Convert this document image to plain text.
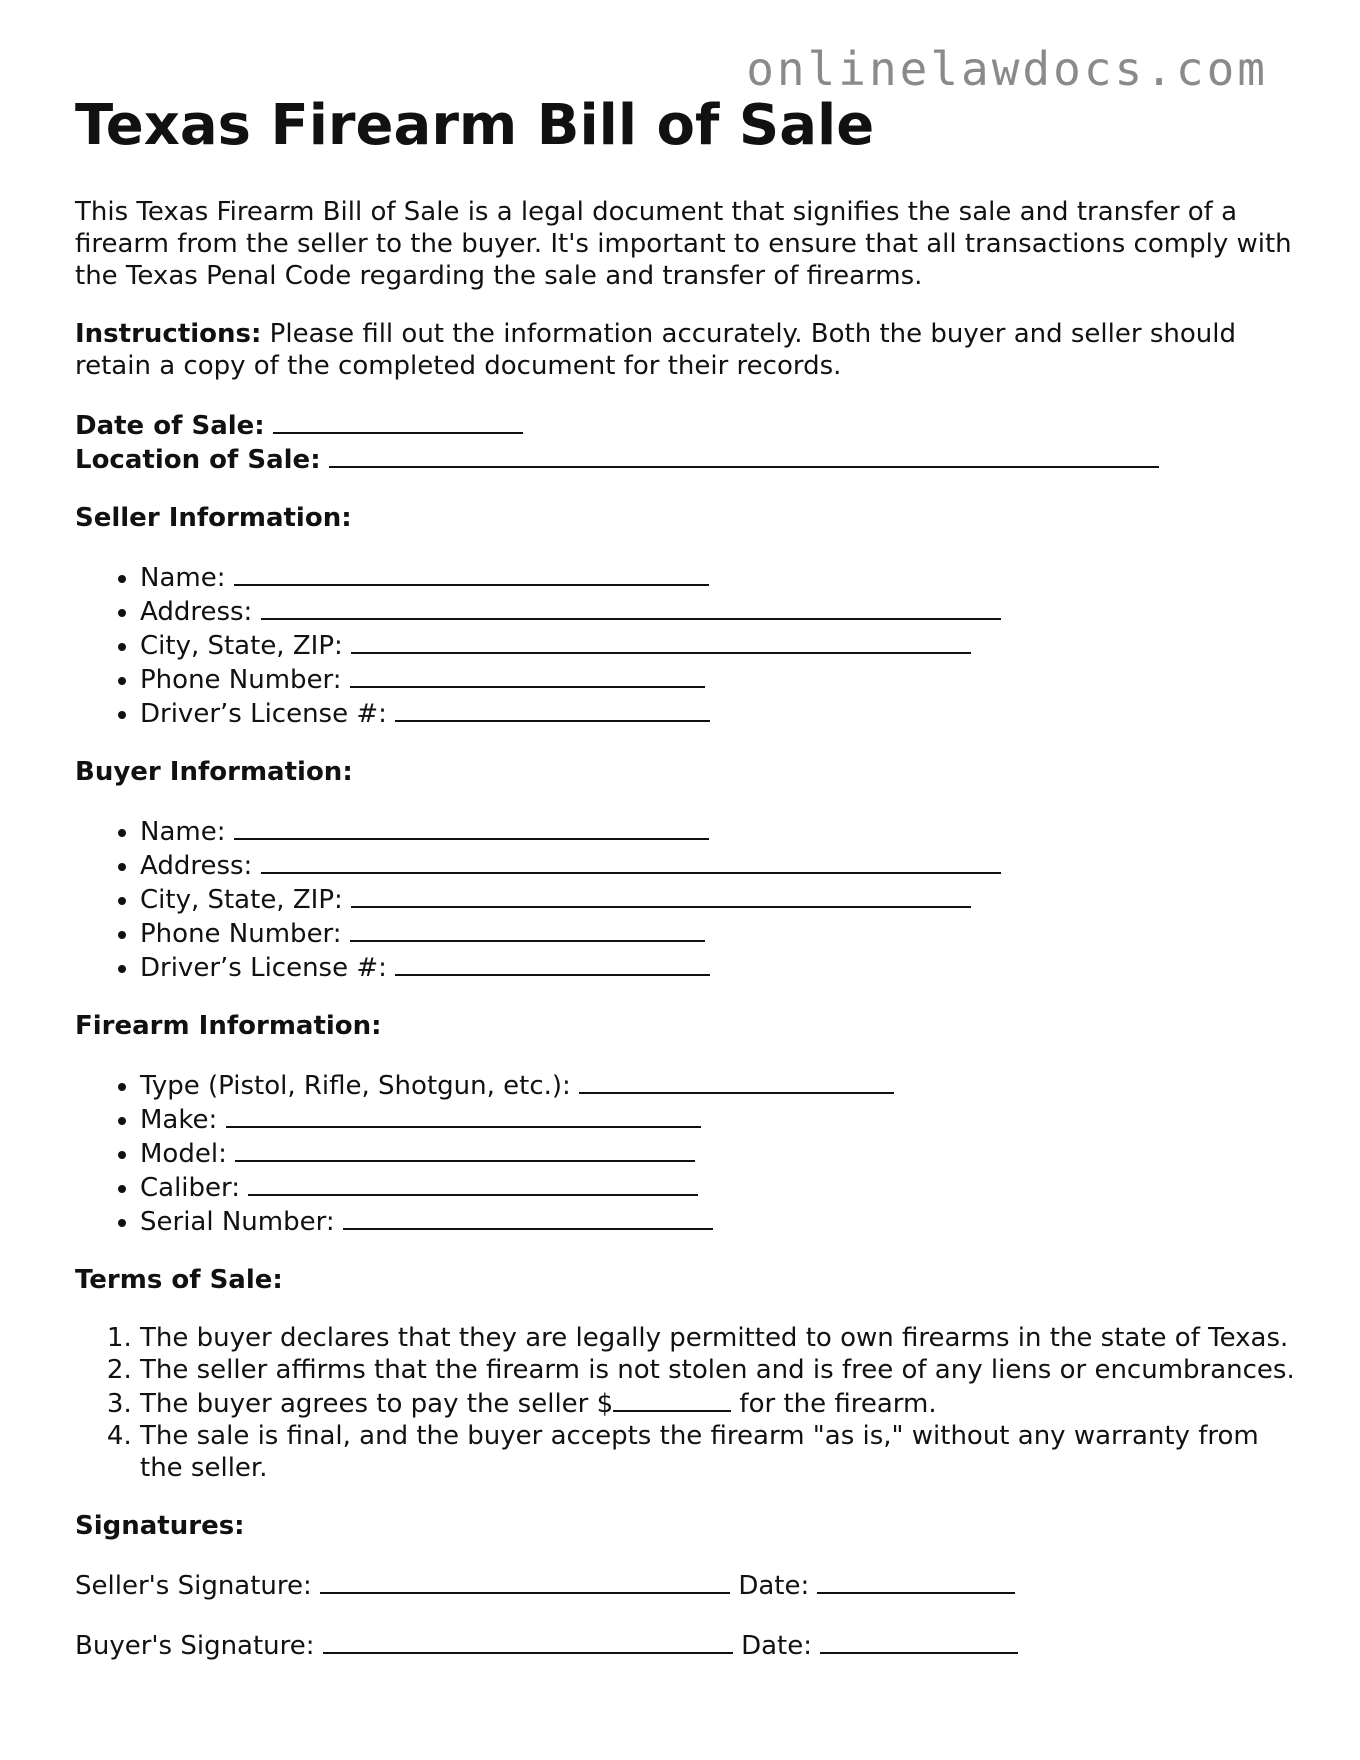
onlinelawdocs.com
Texas Firearm Bill of Sale

This Texas Firearm Bill of Sale is a legal document that signifies the sale and transfer of a firearm from the seller to the buyer. It's important to ensure that all transactions comply with the Texas Penal Code regarding the sale and transfer of firearms.

Instructions: Please fill out the information accurately. Both the buyer and seller should retain a copy of the completed document for their records.

Date of Sale:
Location of Sale:
Seller Information:
• Name:
• Address:
• City, State, ZIP:
• Phone Number:
• Driver’s License #:
Buyer Information:
• Name:
• Address:
• City, State, ZIP:
• Phone Number:
• Driver’s License #:
Firearm Information:
• Type (Pistol, Rifle, Shotgun, etc.):
• Make:
• Model:
• Caliber:
• Serial Number:
Terms of Sale:
1. The buyer declares that they are legally permitted to own firearms in the state of Texas.
2. The seller affirms that the firearm is not stolen and is free of any liens or encumbrances.
3. The buyer agrees to pay the seller $	for the firearm.
4. The sale is final, and the buyer accepts the firearm "as is," without any warranty from the seller.
Signatures:
Seller's Signature:	Date:
Buyer's Signature:	Date:
